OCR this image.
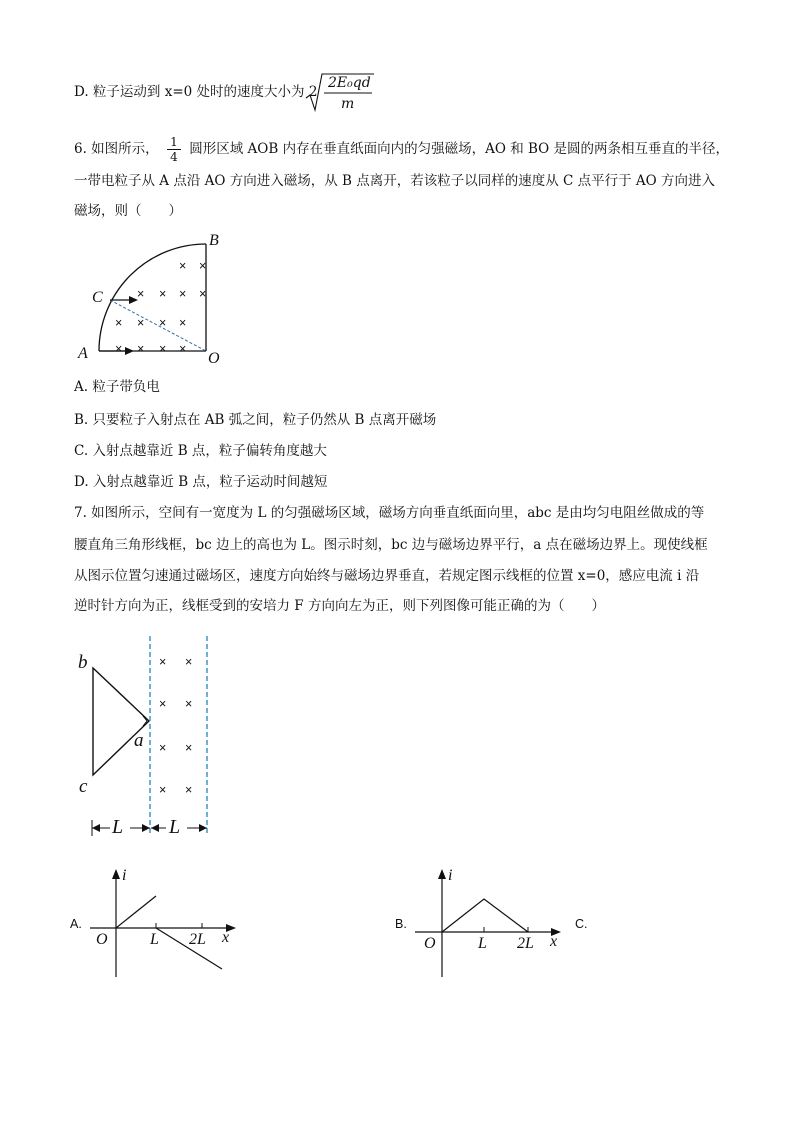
D. 粒子运动到 x=0 处时的速度大小为 2
2E₀qd
m
6. 如图所示， $\frac{1}{4}$ 圆形区域 AOB 内存在垂直纸面向内的匀强磁场，AO 和 BO 是圆的两条相互垂直的半径，
一带电粒子从 A 点沿 AO 方向进入磁场，从 B 点离开，若该粒子以同样的速度从 C 点平行于 AO 方向进入
磁场，则（　　）
B
C
A	O
× ×
× × × ×
× × × ×
× × × ×
A. 粒子带负电
B. 只要粒子入射点在 AB 弧之间，粒子仍然从 B 点离开磁场
C. 入射点越靠近 B 点，粒子偏转角度越大
D. 入射点越靠近 B 点，粒子运动时间越短
7. 如图所示，空间有一宽度为 L 的匀强磁场区域，磁场方向垂直纸面向里，abc 是由均匀电阻丝做成的等
腰直角三角形线框，bc 边上的高也为 L。图示时刻，bc 边与磁场边界平行，a 点在磁场边界上。现使线框
从图示位置匀速通过磁场区，速度方向始终与磁场边界垂直，若规定图示线框的位置 x=0，感应电流 i 沿
逆时针方向为正，线框受到的安培力 F 方向向左为正，则下列图像可能正确的为（　　）
b
a
c
L L
× ×
× ×
× ×
× ×
A.
i
O	L 2L x
B.
i
O	L 2L x
C.
